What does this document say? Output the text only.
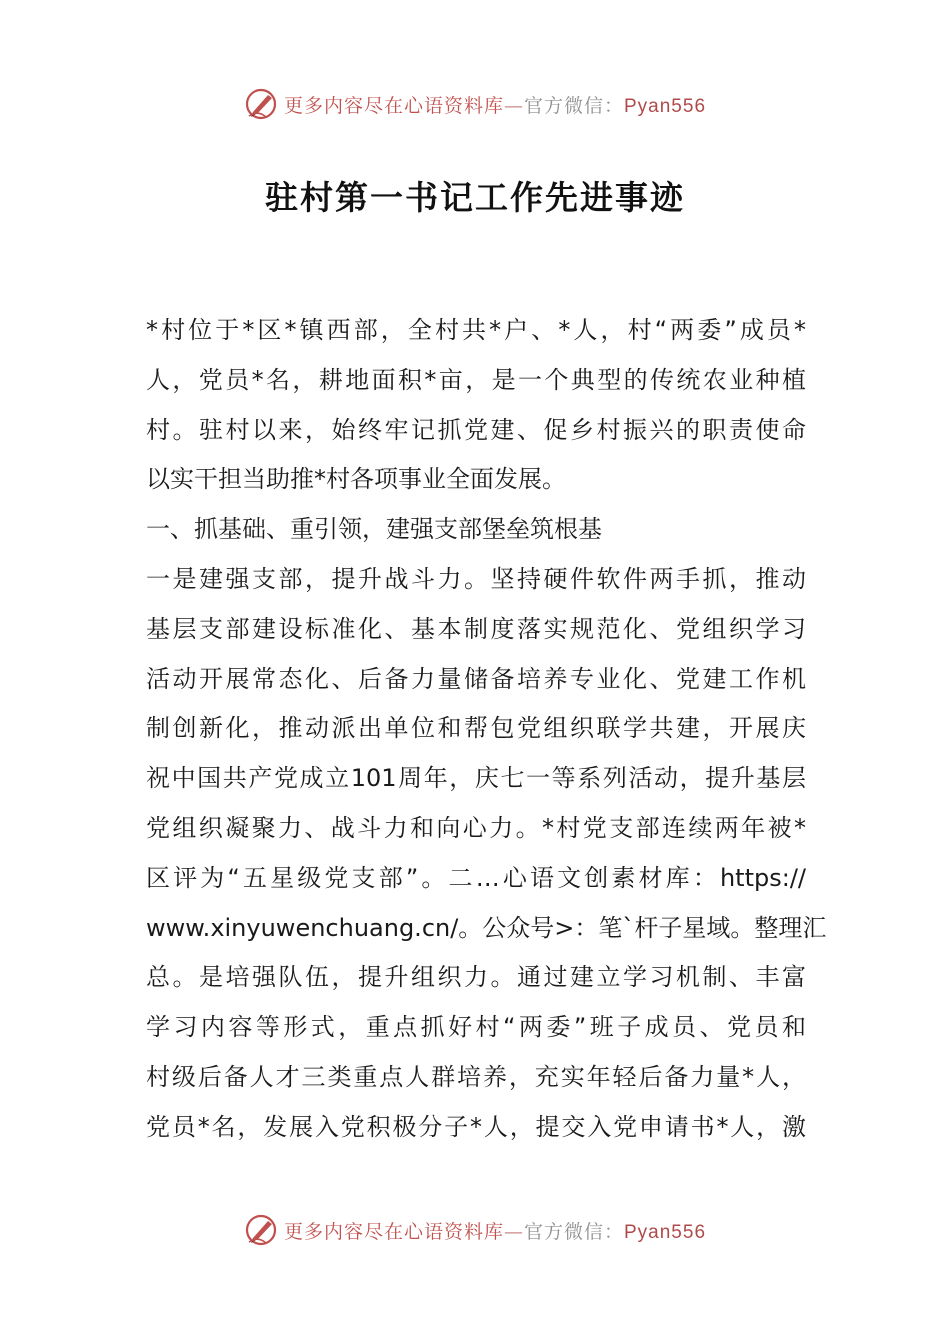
更多内容尽在心语资料库—官方微信：Pyan556
驻村第一书记工作先进事迹
*村位于*区*镇西部，全村共*户、*人，村“两委”成员*
人，党员*名，耕地面积*亩，是一个典型的传统农业种植
村。驻村以来，始终牢记抓党建、促乡村振兴的职责使命
以实干担当助推*村各项事业全面发展。
一、抓基础、重引领，建强支部堡垒筑根基
一是建强支部，提升战斗力。坚持硬件软件两手抓，推动
基层支部建设标准化、基本制度落实规范化、党组织学习
活动开展常态化、后备力量储备培养专业化、党建工作机
制创新化，推动派出单位和帮包党组织联学共建，开展庆
祝中国共产党成立101周年，庆七一等系列活动，提升基层
党组织凝聚力、战斗力和向心力。*村党支部连续两年被*
区评为“五星级党支部”。二…心语文创素材库：https://
www.xinyuwenchuang.cn/。公众号>：笔`杆子星域。整理汇
总。是培强队伍，提升组织力。通过建立学习机制、丰富
学习内容等形式，重点抓好村“两委”班子成员、党员和
村级后备人才三类重点人群培养，充实年轻后备力量*人，
党员*名，发展入党积极分子*人，提交入党申请书*人，激
更多内容尽在心语资料库—官方微信：Pyan556
